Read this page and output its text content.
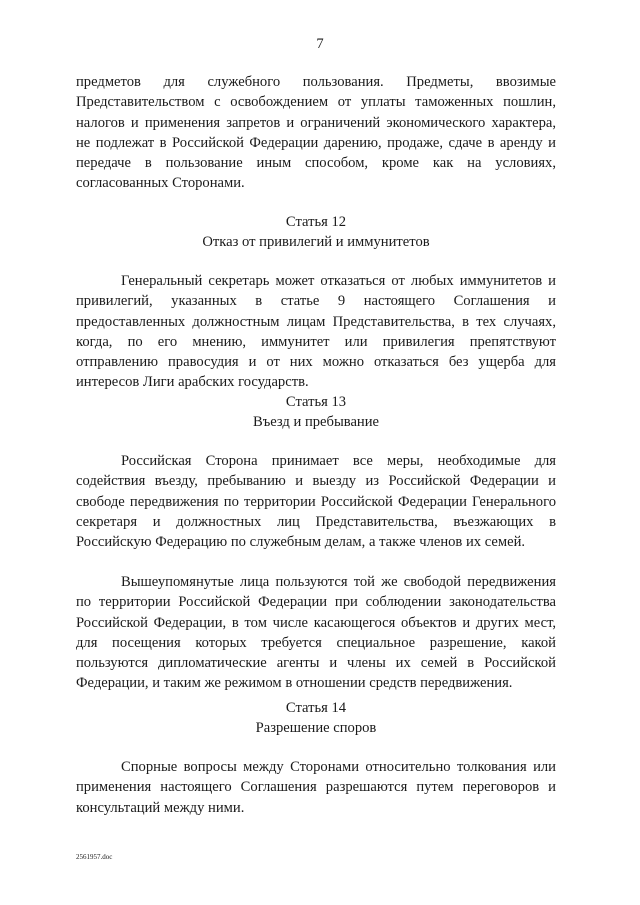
7

предметов для служебного пользования. Предметы, ввозимые Представительством с освобождением от уплаты таможенных пошлин, налогов и применения запретов и ограничений экономического характера, не подлежат в Российской Федерации дарению, продаже, сдаче в аренду и передаче в пользование иным способом, кроме как на условиях, согласованных Сторонами.

Статья 12

Отказ от привилегий и иммунитетов

Генеральный секретарь может отказаться от любых иммунитетов и привилегий, указанных в статье 9 настоящего Соглашения и предоставленных должностным лицам Представительства, в тех случаях, когда, по его мнению, иммунитет или привилегия препятствуют отправлению правосудия и от них можно отказаться без ущерба для интересов Лиги арабских государств.

Статья 13

Въезд и пребывание

Российская Сторона принимает все меры, необходимые для содействия въезду, пребыванию и выезду из Российской Федерации и свободе передвижения по территории Российской Федерации Генерального секретаря и должностных лиц Представительства, въезжающих в Российскую Федерацию по служебным делам, а также членов их семей.

Вышеупомянутые лица пользуются той же свободой передвижения по территории Российской Федерации при соблюдении законодательства Российской Федерации, в том числе касающегося объектов и других мест, для посещения которых требуется специальное разрешение, какой пользуются дипломатические агенты и члены их семей в Российской Федерации, и таким же режимом в отношении средств передвижения.

Статья 14

Разрешение споров

Спорные вопросы между Сторонами относительно толкования или применения настоящего Соглашения разрешаются путем переговоров и консультаций между ними.

2561957.doc
